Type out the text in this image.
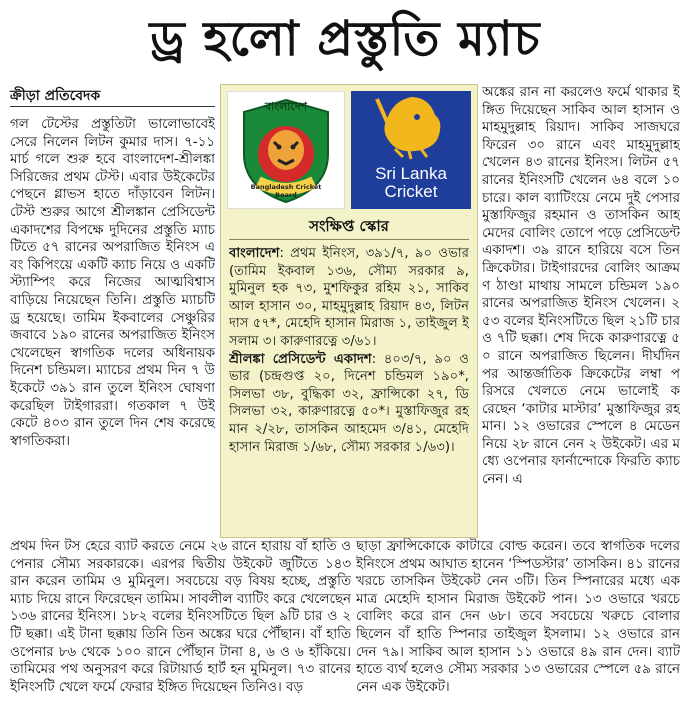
ড্র হলো প্রস্তুতি ম্যাচ
ক্রীড়া প্রতিবেদক

গল টেস্টের প্রস্তুতিটা ভালোভাবেই সেরে নিলেন লিটন কুমার দাস। ৭-১১ মার্চ গলে শুরু হবে বাংলাদেশ-শ্রীলঙ্কা সিরিজের প্রথম টেস্ট। এবার উইকেটের পেছনে গ্লাভস হাতে দাঁড়াবেন লিটন। টেস্ট শুরুর আগে শ্রীলঙ্কান প্রেসিডেন্ট একাদশের বিপক্ষে দুদিনের প্রস্তুতি ম্যাচটিতে ৫৭ রানের অপরাজিত ইনিংস এবং কিপিংয়ে একটি ক্যাচ নিয়ে ও একটি স্ট্যাম্পিং করে নিজের আত্মবিশ্বাস বাড়িয়ে নিয়েছেন তিনি। প্রস্তুতি ম্যাচটি ড্র হয়েছে। তামিম ইকবালের সেঞ্চুরির জবাবে ১৯০ রানের অপরাজিত ইনিংস খেলেছেন স্বাগতিক দলের অধিনায়ক দিনেশ চন্ডিমল। ম্যাচের প্রথম দিন ৭ উইকেটে ৩৯১ রান তুলে ইনিংস ঘোষণা করেছিল টাইগাররা। গতকাল ৭ উইকেটে ৪০৩ রান তুলে দিন শেষ করেছে স্বাগতিকরা।

বাংলাদেশ
Bangladesh Cricket Board
Sri Lanka
Cricket
সংক্ষিপ্ত স্কোর

বাংলাদেশ: প্রথম ইনিংস, ৩৯১/৭, ৯০ ওভার (তামিম ইকবাল ১৩৬, সৌম্য সরকার ৯, মুমিনুল হক ৭৩, মুশফিকুর রহিম ২১, সাকিব আল হাসান ৩০, মাহমুদুল্লাহ রিয়াদ ৪৩, লিটন দাস ৫৭*, মেহেদি হাসান মিরাজ ১, তাইজুল ইসলাম ৩। কারুণারত্নে ৩/৬১।

শ্রীলঙ্কা প্রেসিডেন্ট একাদশ: ৪০৩/৭, ৯০ ওভার (চন্দ্রগুপ্ত ২০, দিনেশ চন্ডিমল ১৯০*, সিলভা ৩৮, বুদ্ধিকা ৩২, ফ্রান্সিকো ২৭, ডি সিলভা ৩২, কারুণারত্নে ৫০*। মুস্তাফিজুর রহমান ২/২৮, তাসকিন আহমেদ ৩/৪১, মেহেদি হাসান মিরাজ ১/৬৮, সৌম্য সরকার ১/৬৩)।

অঙ্কের রান না করলেও ফর্মে থাকার ইঙ্গিত দিয়েছেন সাকিব আল হাসান ও মাহমুদুল্লাহ রিয়াদ। সাকিব সাজঘরে ফিরেন ৩০ রানে এবং মাহমুদুল্লাহ খেলেন ৪৩ রানের ইনিংস। লিটন ৫৭ রানের ইনিংসটি খেলেন ৬৪ বলে ১০ চারে। কাল ব্যাটিংয়ে নেমে দুই পেসার মুস্তাফিজুর রহমান ও তাসকিন আহমেদের বোলিং তোপে পড়ে প্রেসিডেন্ট একাদশ। ৩৯ রানে হারিয়ে বসে তিন ক্রিকেটার। টাইগারদের বোলিং আক্রমণ ঠাণ্ডা মাথায় সামলে চন্ডিমল ১৯০ রানের অপরাজিত ইনিংস খেলেন। ২৫৩ বলের ইনিংসটিতে ছিল ২১টি চার ও ৭টি ছক্কা। শেষ দিকে কারুণারত্নে ৫০ রানে অপরাজিত ছিলেন। দীর্ঘদিন পর আন্তর্জাতিক ক্রিকেটের লম্বা পরিসরে খেলতে নেমে ভালোই করেছেন ‘কাটার মাস্টার’ মুস্তাফিজুর রহমান। ১২ ওভারের স্পেলে ৪ মেডেন নিয়ে ২৮ রানে নেন ২ উইকেট। এর মধ্যে ওপেনার ফার্নান্দোকে ফিরতি ক্যাচ নেন। এ

প্রথম দিন টস হেরে ব্যাট করতে নেমে ২৬ রানে হারায় বাঁ হাতি ওপেনার সৌম্য সরকারকে। এরপর দ্বিতীয় উইকেট জুটিতে ১৪৩ রান করেন তামিম ও মুমিনুল। সবচেয়ে বড় বিষয় হচ্ছে, প্রস্তুতি ম্যাচ দিয়ে রানে ফিরেছেন তামিম। সাবলীল ব্যাটিং করে খেলেছেন ১৩৬ রানের ইনিংস। ১৮২ বলের ইনিংসটিতে ছিল ৯টি চার ও ২টি ছক্কা। এই টানা ছক্কায় তিনি তিন অঙ্কের ঘরে পৌঁছান। বাঁ হাতি ওপেনার ৮৬ থেকে ১০০ রানে পৌঁছান টানা ৪, ৬ ও ৬ হাঁকিয়ে। তামিমের পথ অনুসরণ করে রিটায়ার্ড হার্ট হন মুমিনুল। ৭৩ রানের ইনিংসটি খেলে ফর্মে ফেরার ইঙ্গিত দিয়েছেন তিনিও। বড়

ছাড়া ফ্রান্সিকোকে কাটারে বোল্ড করেন। তবে স্বাগতিক দলের ইনিংসে প্রথম আঘাত হানেন ‘স্পিডস্টার’ তাসকিন। ৪১ রানের খরচে তাসকিন উইকেট নেন ৩টি। তিন স্পিনারের মধ্যে একমাত্র মেহেদি হাসান মিরাজ উইকেট পান। ১৩ ওভারে খরচে বোলিং করে রান দেন ৬৮। তবে সবচেয়ে খরুচে বোলার ছিলেন বাঁ হাতি স্পিনার তাইজুল ইসলাম। ১২ ওভারে রান দেন ৭৯। সাকিব আল হাসান ১১ ওভারে ৪৯ রান দেন। ব্যাট হাতে ব্যর্থ হলেও সৌম্য সরকার ১৩ ওভারের স্পেলে ৫৯ রানে নেন এক উইকেট।
